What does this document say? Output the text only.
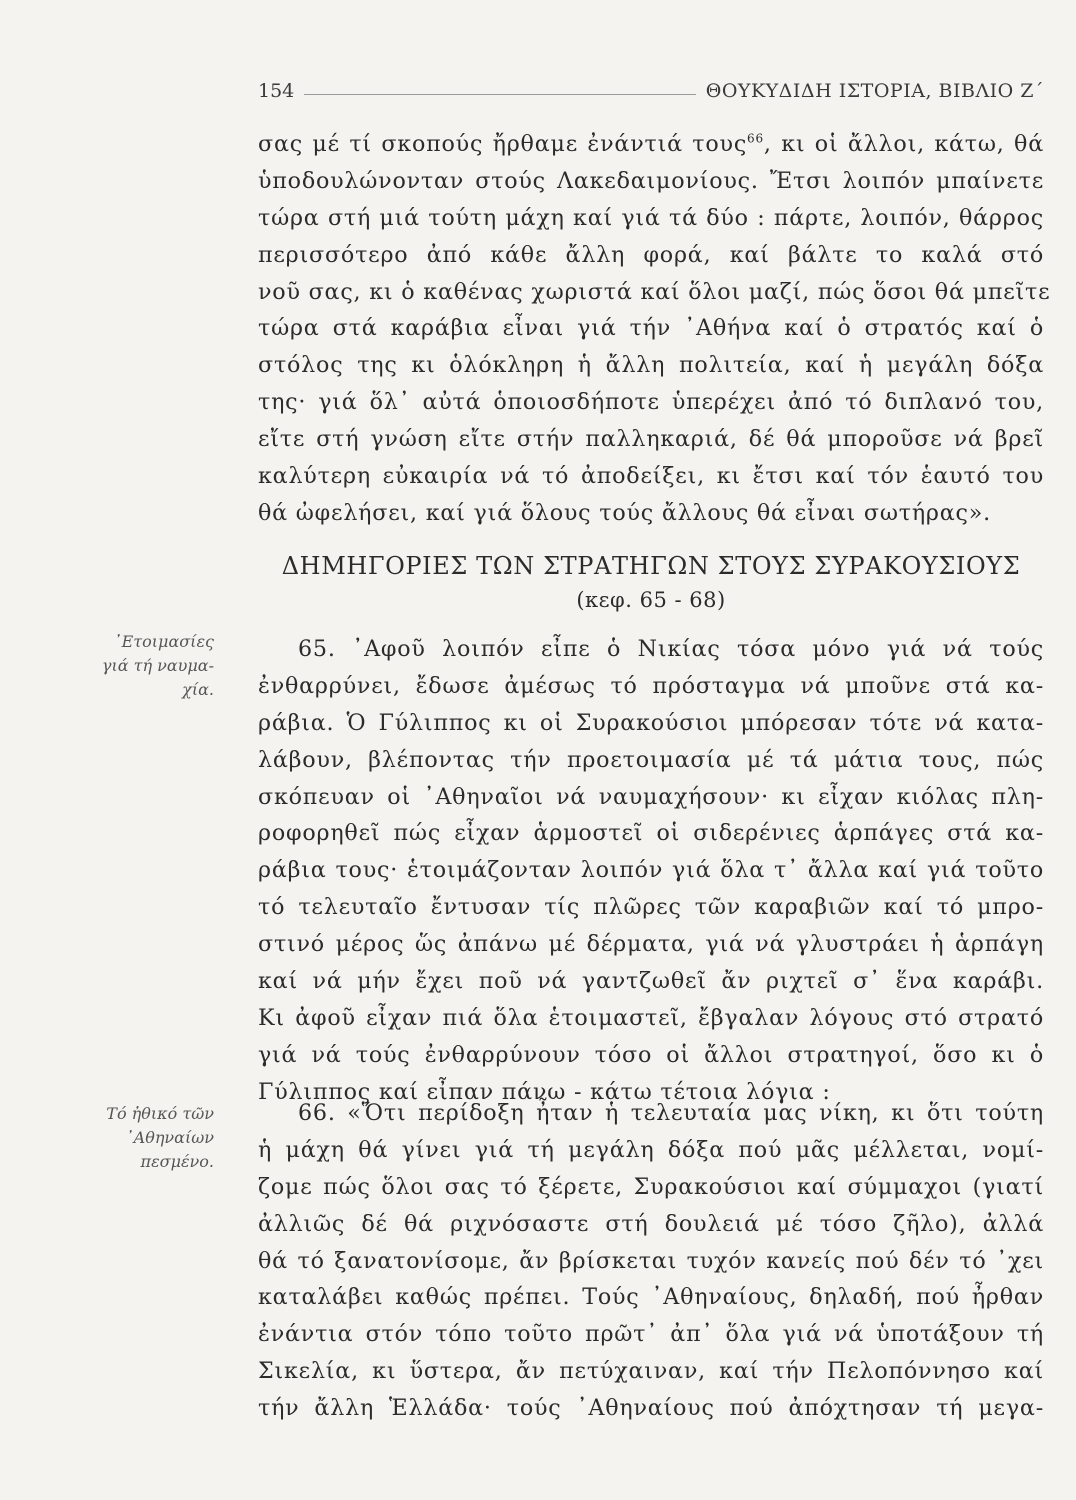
154	ΘΟΥΚΥΔΙΔΗ ΙΣΤΟΡΙΑ, ΒΙΒΛΙΟ Ζ΄
σας μέ τί σκοπούς ἤρθαμε ἐνάντιά τους$^{66}$, κι οἱ ἄλλοι, κάτω, θά
ὑποδουλώνονταν στούς Λακεδαιμονίους. Ἔτσι λοιπόν μπαίνετε
τώρα στή μιά τούτη μάχη καί γιά τά δύο : πάρτε, λοιπόν, θάρρος
περισσότερο ἀπό κάθε ἄλλη φορά, καί βάλτε το καλά στό
νοῦ σας, κι ὁ καθένας χωριστά καί ὅλοι μαζί, πώς ὅσοι θά μπεῖτε
τώρα στά καράβια εἶναι γιά τήν ᾿Αθήνα καί ὁ στρατός καί ὁ
στόλος της κι ὁλόκληρη ἡ ἄλλη πολιτεία, καί ἡ μεγάλη δόξα
της· γιά ὅλ᾿ αὐτά ὁποιοσδήποτε ὑπερέχει ἀπό τό διπλανό του,
εἴτε στή γνώση εἴτε στήν παλληκαριά, δέ θά μποροῦσε νά βρεῖ
καλύτερη εὐκαιρία νά τό ἀποδείξει, κι ἔτσι καί τόν ἑαυτό του
θά ὠφελήσει, καί γιά ὅλους τούς ἄλλους θά εἶναι σωτήρας».
ΔΗΜΗΓΟΡΙΕΣ ΤΩΝ ΣΤΡΑΤΗΓΩΝ ΣΤΟΥΣ ΣΥΡΑΚΟΥΣΙΟΥΣ
(κεφ. 65 - 68)
65. ᾿Αφοῦ λοιπόν εἶπε ὁ Νικίας τόσα μόνο γιά νά τούς
ἐνθαρρύνει, ἔδωσε ἀμέσως τό πρόσταγμα νά μποῦνε στά κα-
ράβια. Ὁ Γύλιππος κι οἱ Συρακούσιοι μπόρεσαν τότε νά κατα-
λάβουν, βλέποντας τήν προετοιμασία μέ τά μάτια τους, πώς
σκόπευαν οἱ ᾿Αθηναῖοι νά ναυμαχήσουν· κι εἶχαν κιόλας πλη-
ροφορηθεῖ πώς εἶχαν ἁρμοστεῖ οἱ σιδερένιες ἁρπάγες στά κα-
ράβια τους· ἑτοιμάζονταν λοιπόν γιά ὅλα τ᾿ ἄλλα καί γιά τοῦτο
τό τελευταῖο ἔντυσαν τίς πλῶρες τῶν καραβιῶν καί τό μπρο-
στινό μέρος ὥς ἀπάνω μέ δέρματα, γιά νά γλυστράει ἡ ἁρπάγη
καί νά μήν ἔχει ποῦ νά γαντζωθεῖ ἄν ριχτεῖ σ᾿ ἕνα καράβι.
Κι ἀφοῦ εἶχαν πιά ὅλα ἑτοιμαστεῖ, ἔβγαλαν λόγους στό στρατό
γιά νά τούς ἐνθαρρύνουν τόσο οἱ ἄλλοι στρατηγοί, ὅσο κι ὁ
Γύλιππος καί εἶπαν πάνω - κάτω τέτοια λόγια :
66. «Ὅτι περίδοξη ἦταν ἡ τελευταία μας νίκη, κι ὅτι τούτη
ἡ μάχη θά γίνει γιά τή μεγάλη δόξα πού μᾶς μέλλεται, νομί-
ζομε πώς ὅλοι σας τό ξέρετε, Συρακούσιοι καί σύμμαχοι (γιατί
ἀλλιῶς δέ θά ριχνόσαστε στή δουλειά μέ τόσο ζῆλο), ἀλλά
θά τό ξανατονίσομε, ἄν βρίσκεται τυχόν κανείς πού δέν τό ᾿χει
καταλάβει καθώς πρέπει. Τούς ᾿Αθηναίους, δηλαδή, πού ἦρθαν
ἐνάντια στόν τόπο τοῦτο πρῶτ᾿ ἀπ᾿ ὅλα γιά νά ὑποτάξουν τή
Σικελία, κι ὕστερα, ἄν πετύχαιναν, καί τήν Πελοπόννησο καί
τήν ἄλλη Ἑλλάδα· τούς ᾿Αθηναίους πού ἀπόχτησαν τή μεγα-
᾿Ετοιμασίες
γιά τή ναυμα-
χία.
Τό ἠθικό τῶν
᾿Αθηναίων
πεσμένο.
